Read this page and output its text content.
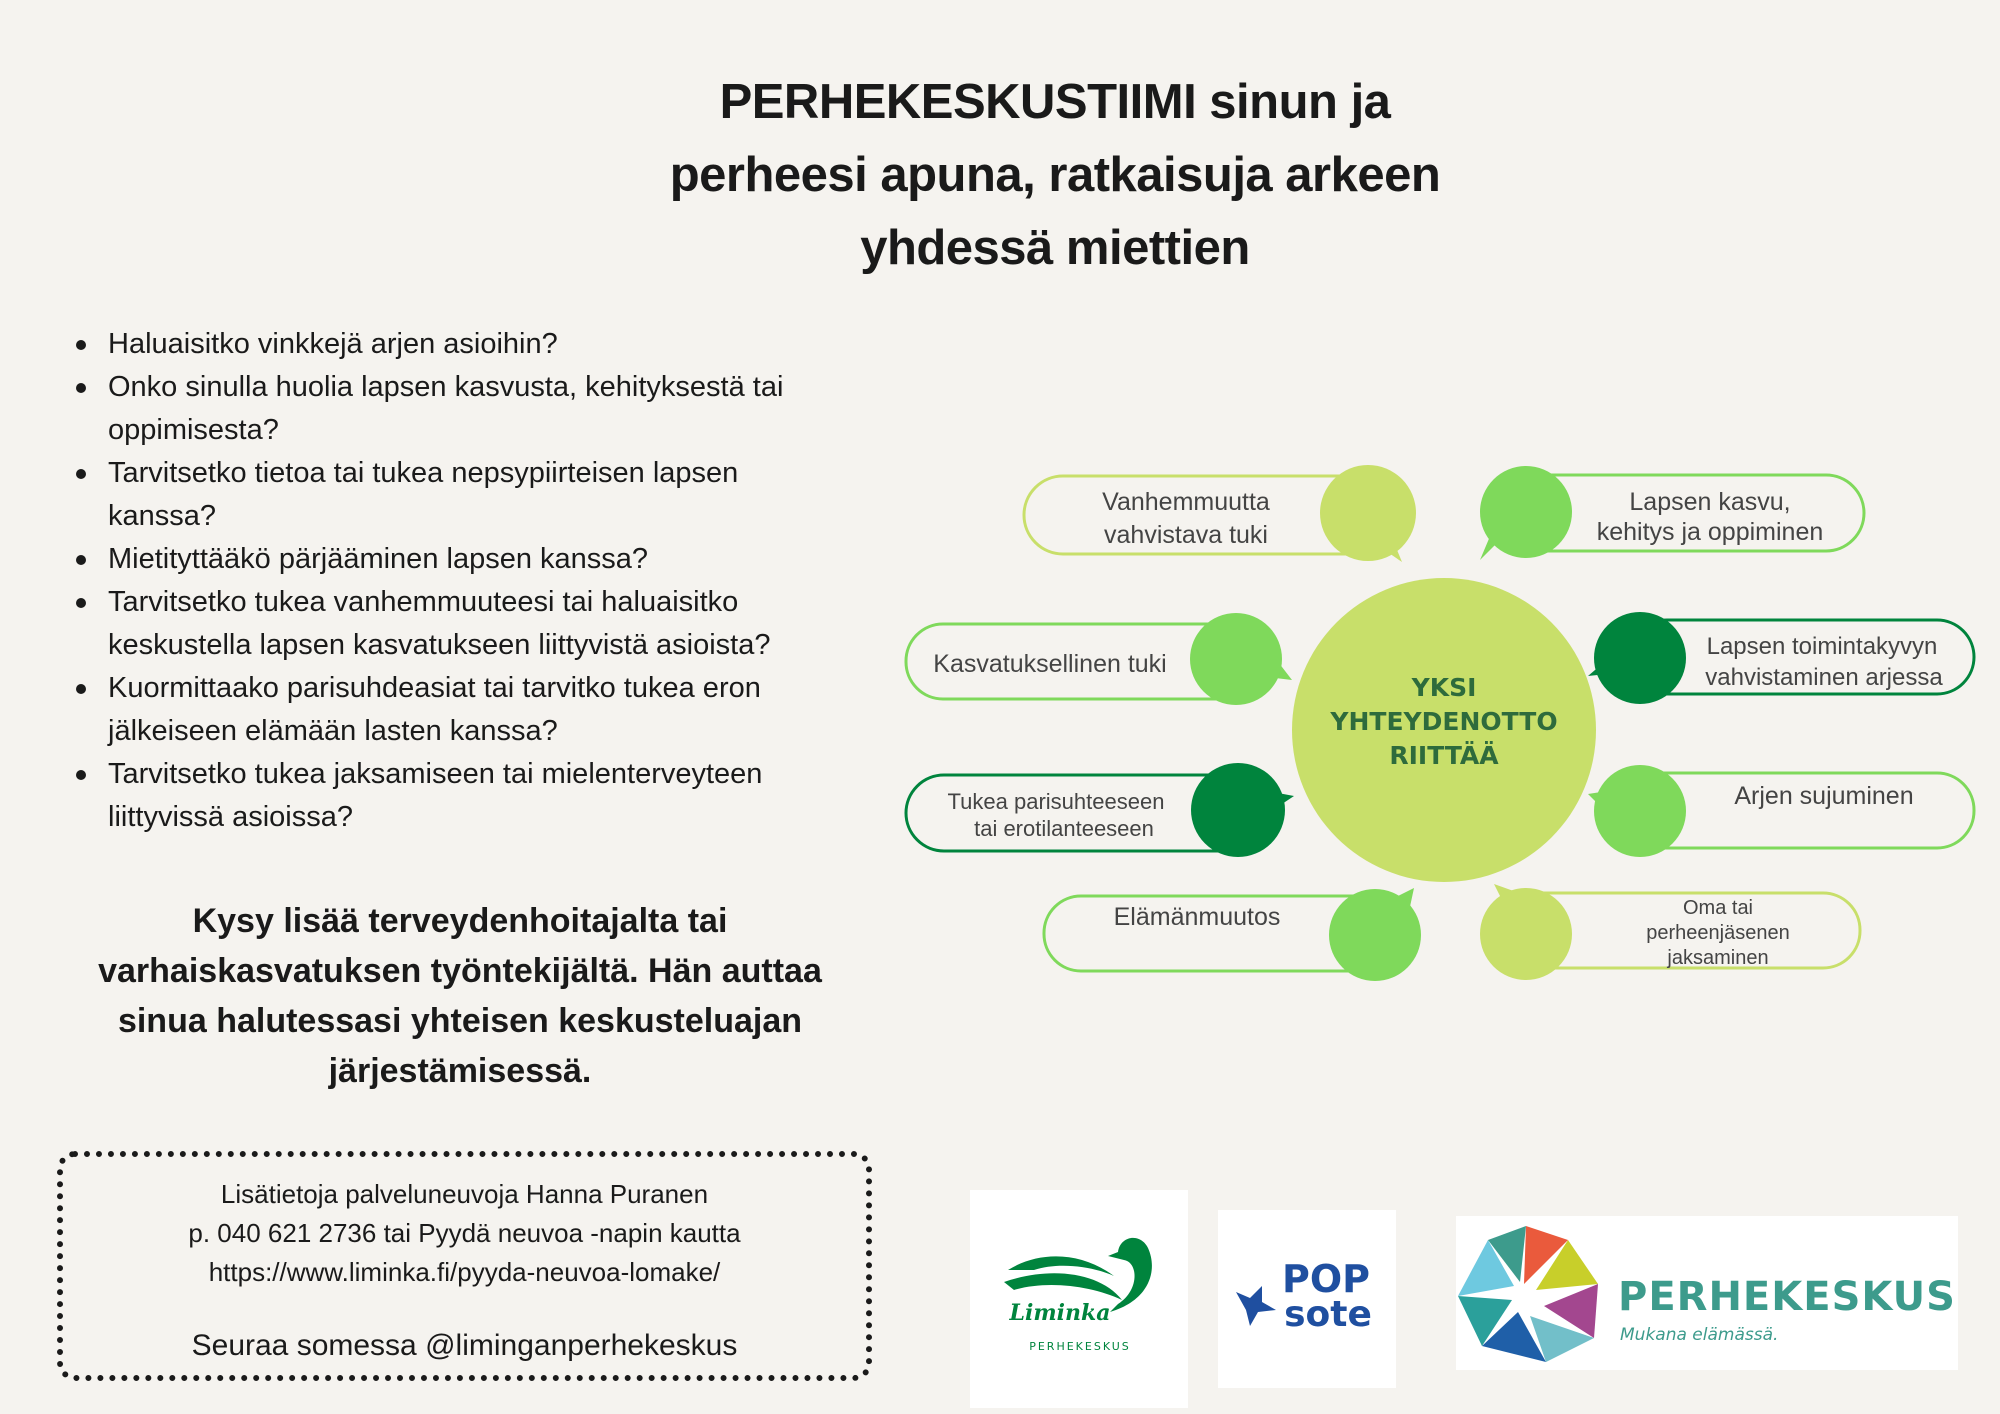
PERHEKESKUSTIIMI sinun ja
perheesi apuna, ratkaisuja arkeen
yhdessä miettien
Haluaisitko vinkkejä arjen asioihin?
Onko sinulla huolia lapsen kasvusta, kehityksestä tai
oppimisesta?
Tarvitsetko tietoa tai tukea nepsypiirteisen lapsen
kanssa?
Mietityttääkö pärjääminen lapsen kanssa?
Tarvitsetko tukea vanhemmuuteesi tai haluaisitko
keskustella lapsen kasvatukseen liittyvistä asioista?
Kuormittaako parisuhdeasiat tai tarvitko tukea eron
jälkeiseen elämään lasten kanssa?
Tarvitsetko tukea jaksamiseen tai mielenterveyteen
liittyvissä asioissa?

Kysy lisää terveydenhoitajalta tai
varhaiskasvatuksen työntekijältä. Hän auttaa
sinua halutessasi yhteisen keskusteluajan
järjestämisessä.

Lisätietoja palveluneuvoja Hanna Puranen
p. 040 621 2736 tai Pyydä neuvoa -napin kautta
https://www.liminka.fi/pyyda-neuvoa-lomake/
Seuraa somessa @liminganperhekeskus
YKSI
YHTEYDENOTTO
RIITTÄÄ
Vanhemmuutta
vahvistava tuki
Lapsen kasvu,
kehitys ja oppiminen
Kasvatuksellinen tuki
Lapsen toimintakyvyn
vahvistaminen arjessa
Tukea parisuhteeseen
tai erotilanteeseen
Arjen sujuminen
Elämänmuutos	Oma tai
perheenjäsenen
jaksaminen
Liminka
PERHEKESKUS
POP
sote	PERHEKESKUS
Mukana elämässä.
